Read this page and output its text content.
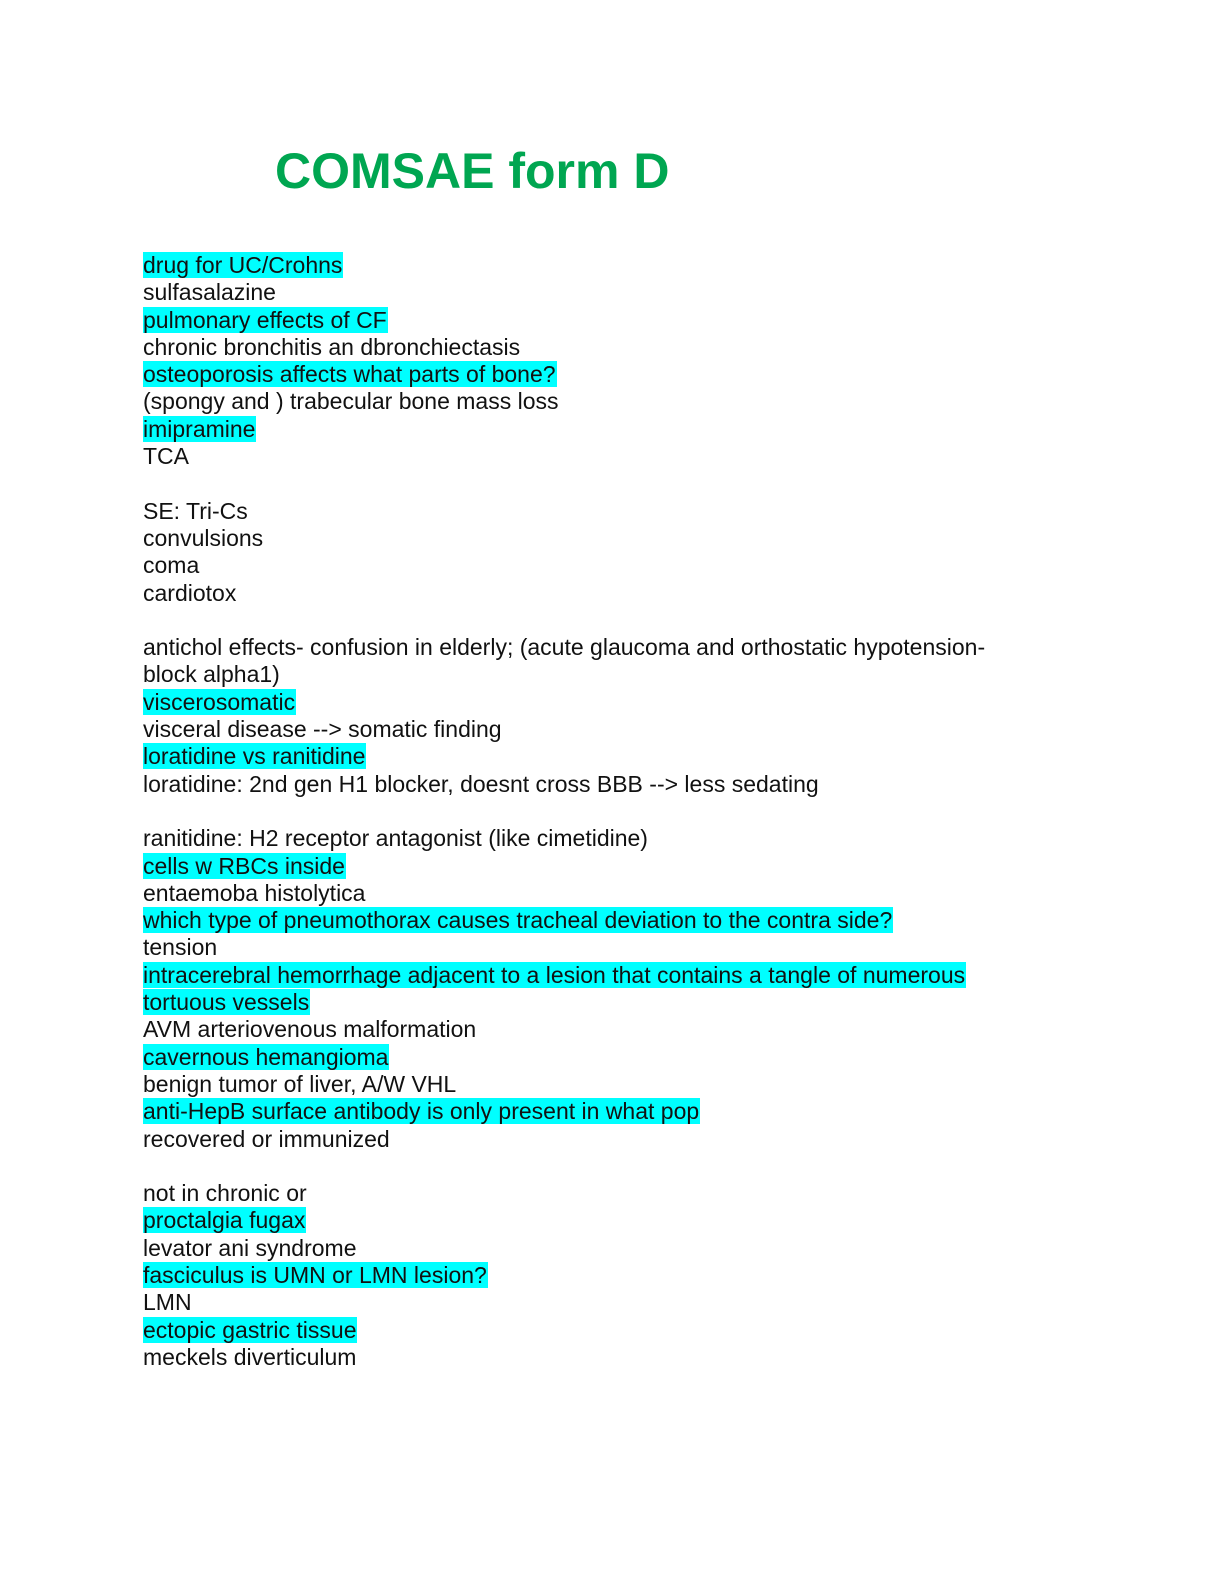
COMSAE form D
drug for UC/Crohns
sulfasalazine
pulmonary effects of CF
chronic bronchitis an dbronchiectasis
osteoporosis affects what parts of bone?
(spongy and ) trabecular bone mass loss
imipramine
TCA
SE: Tri-Cs
convulsions
coma
cardiotox
antichol effects- confusion in elderly; (acute glaucoma and orthostatic hypotension-
block alpha1)
viscerosomatic
visceral disease --> somatic finding
loratidine vs ranitidine
loratidine: 2nd gen H1 blocker, doesnt cross BBB --> less sedating
ranitidine: H2 receptor antagonist (like cimetidine)
cells w RBCs inside
entaemoba histolytica
which type of pneumothorax causes tracheal deviation to the contra side?
tension
intracerebral hemorrhage adjacent to a lesion that contains a tangle of numerous
tortuous vessels
AVM arteriovenous malformation
cavernous hemangioma
benign tumor of liver, A/W VHL
anti-HepB surface antibody is only present in what pop
recovered or immunized
not in chronic or
proctalgia fugax
levator ani syndrome
fasciculus is UMN or LMN lesion?
LMN
ectopic gastric tissue
meckels diverticulum
